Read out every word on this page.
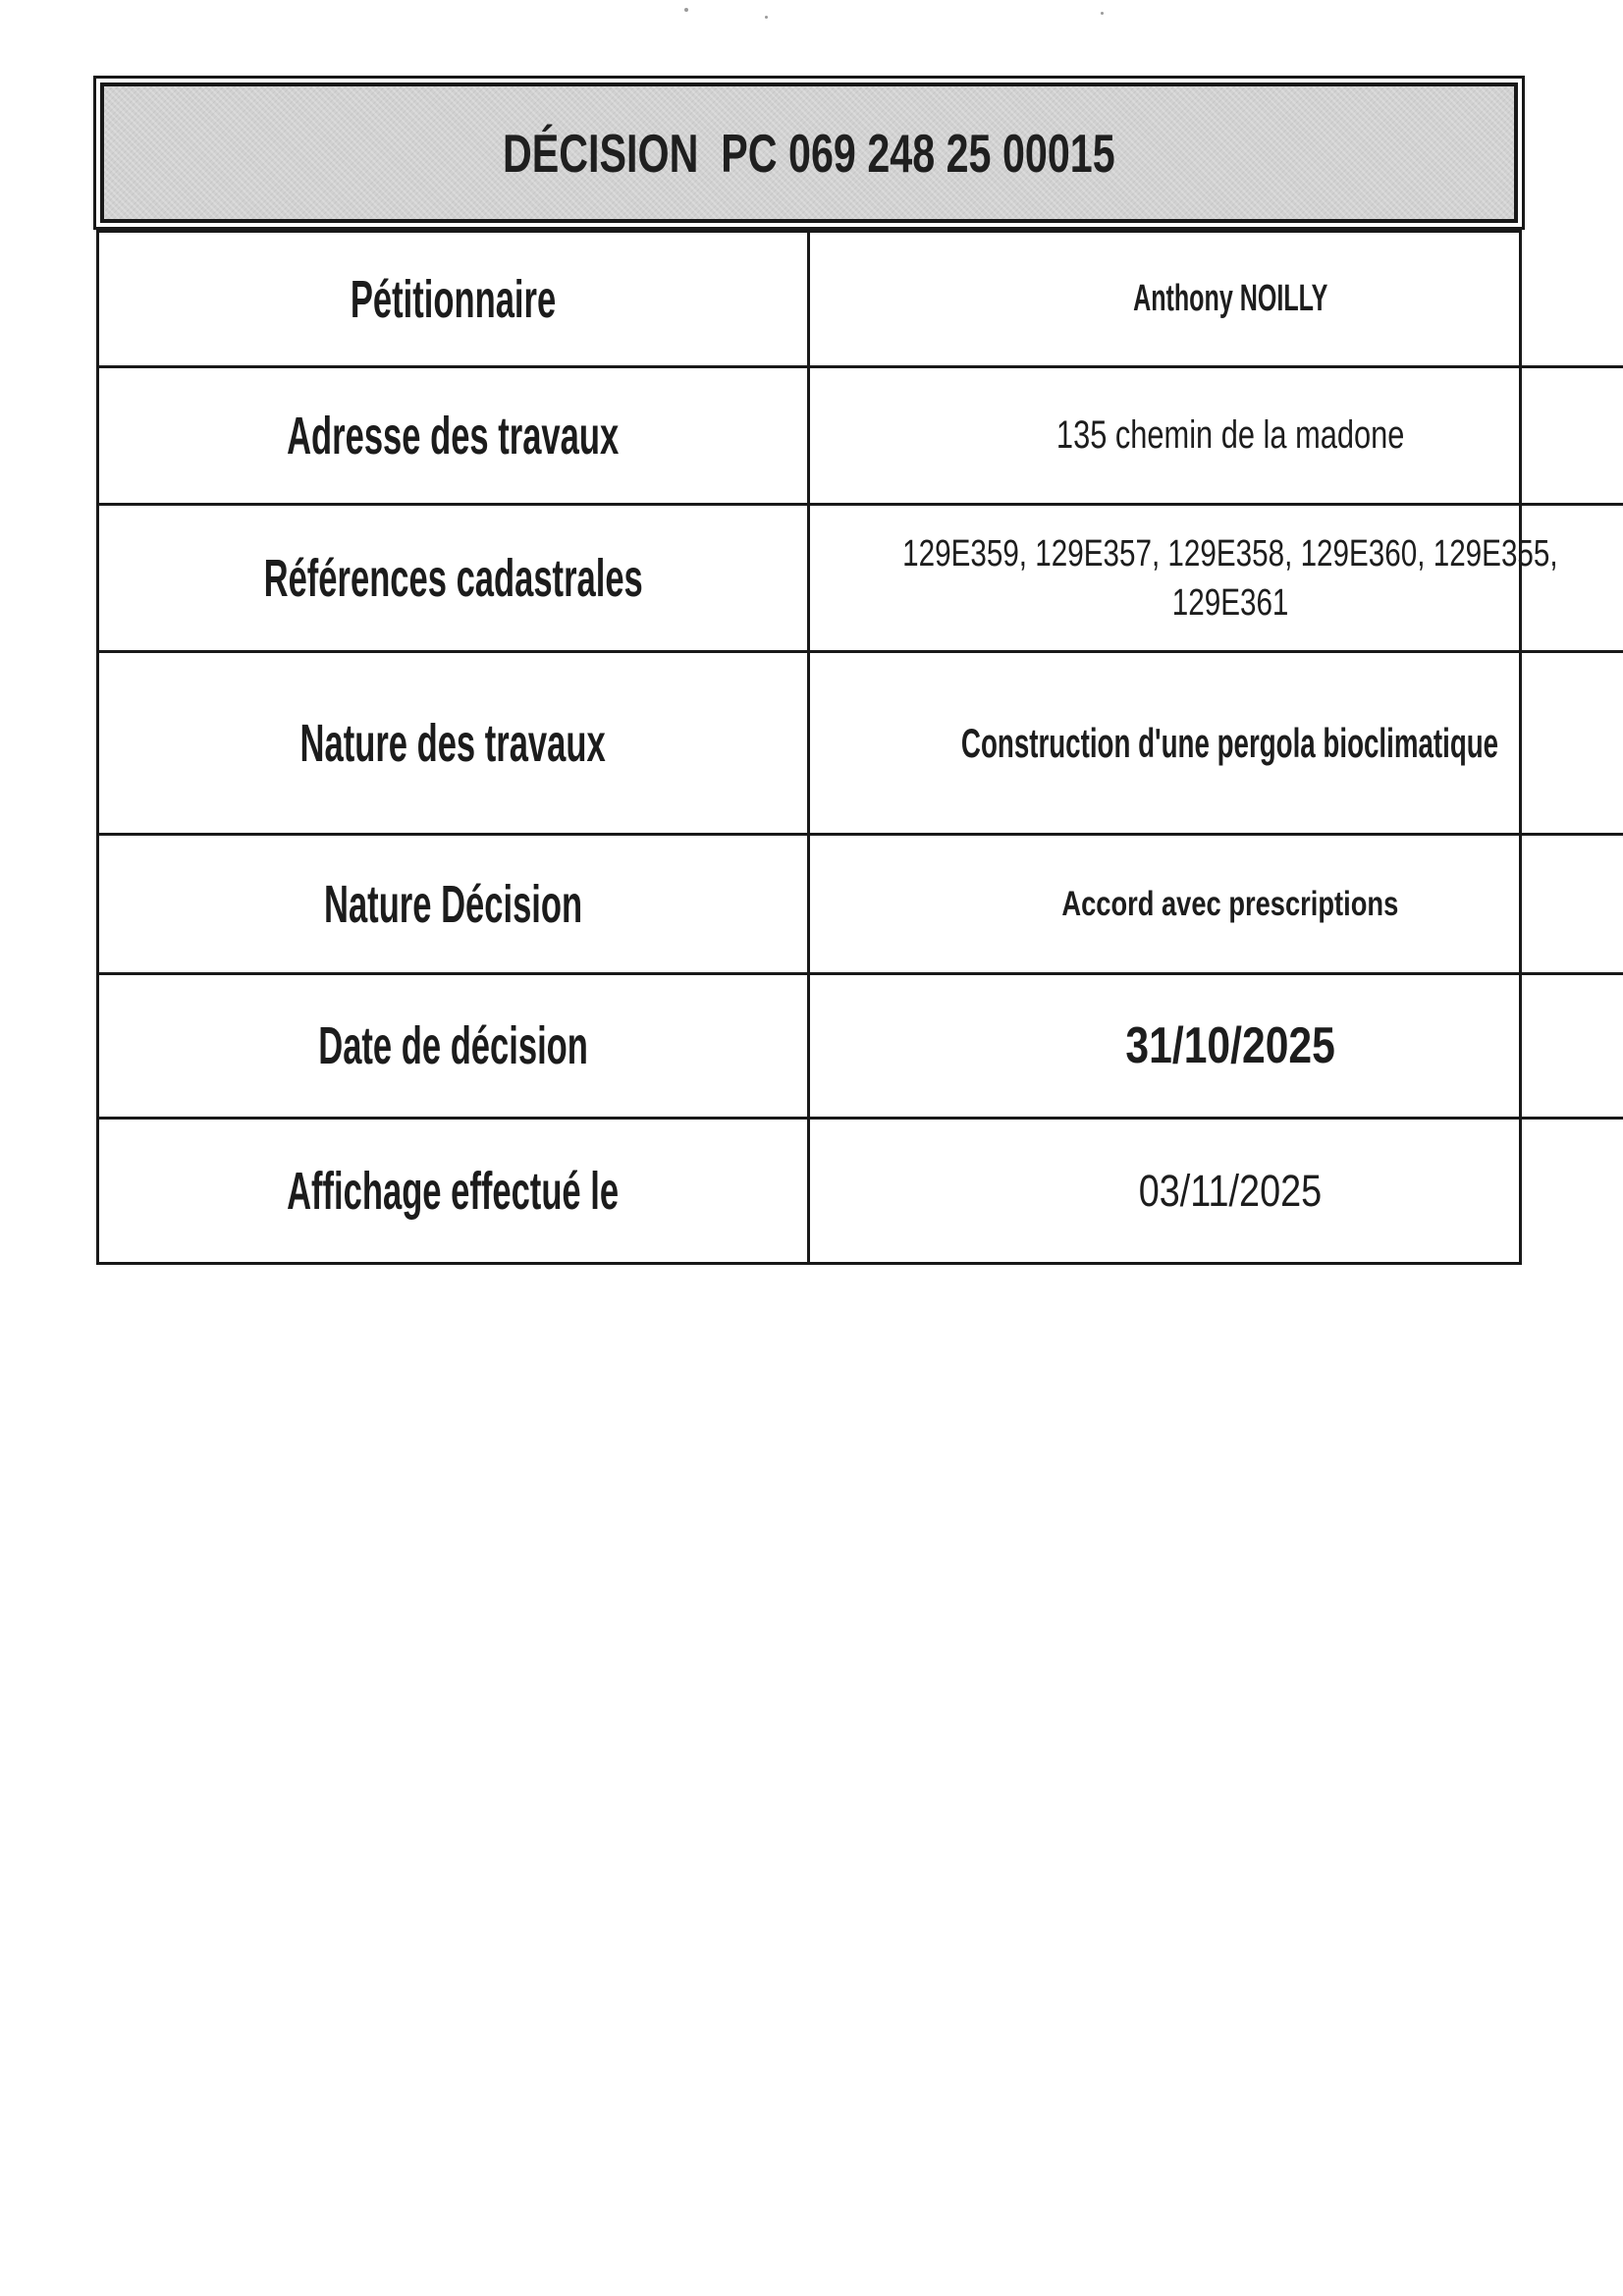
DÉCISION  PC 069 248 25 00015
Pétitionnaire	Anthony NOILLY
Adresse des travaux	135 chemin de la madone
Références cadastrales	129E359, 129E357, 129E358, 129E360, 129E355,
129E361
Nature des travaux	Construction d'une pergola bioclimatique
Nature Décision	Accord avec prescriptions
Date de décision	31/10/2025
Affichage effectué le	03/11/2025
